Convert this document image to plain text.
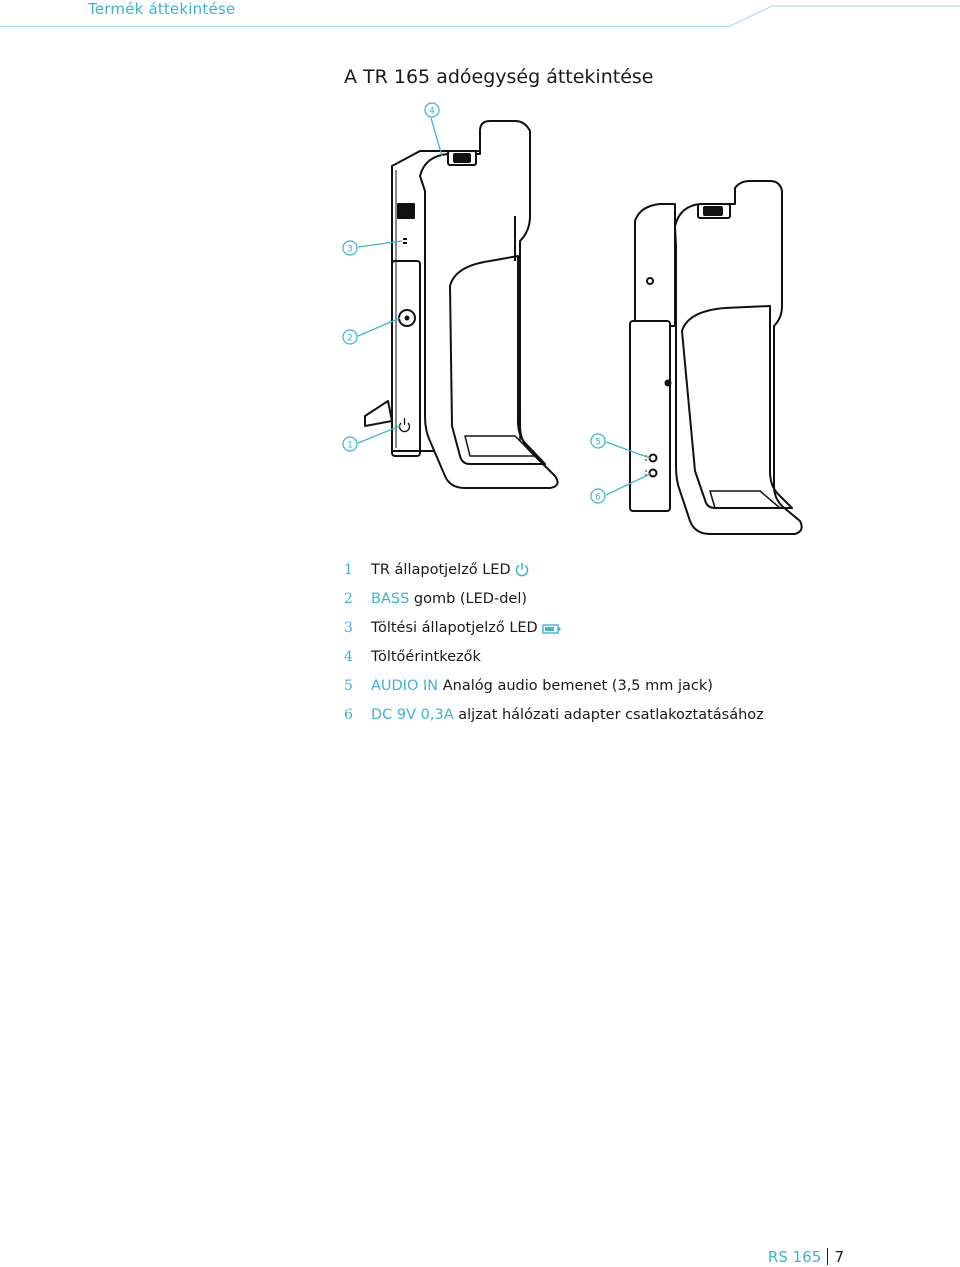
Termék áttekintése
A TR 165 adóegység áttekintése
4
3
2
1	5
6
1 TR állapotjelző LED
2 BASS gomb (LED-del)
3 Töltési állapotjelző LED
4 Töltőérintkezők
5 AUDIO IN Analóg audio bemenet (3,5 mm jack)
6 DC 9V 0,3A aljzat hálózati adapter csatlakoztatásához
RS 165 7
